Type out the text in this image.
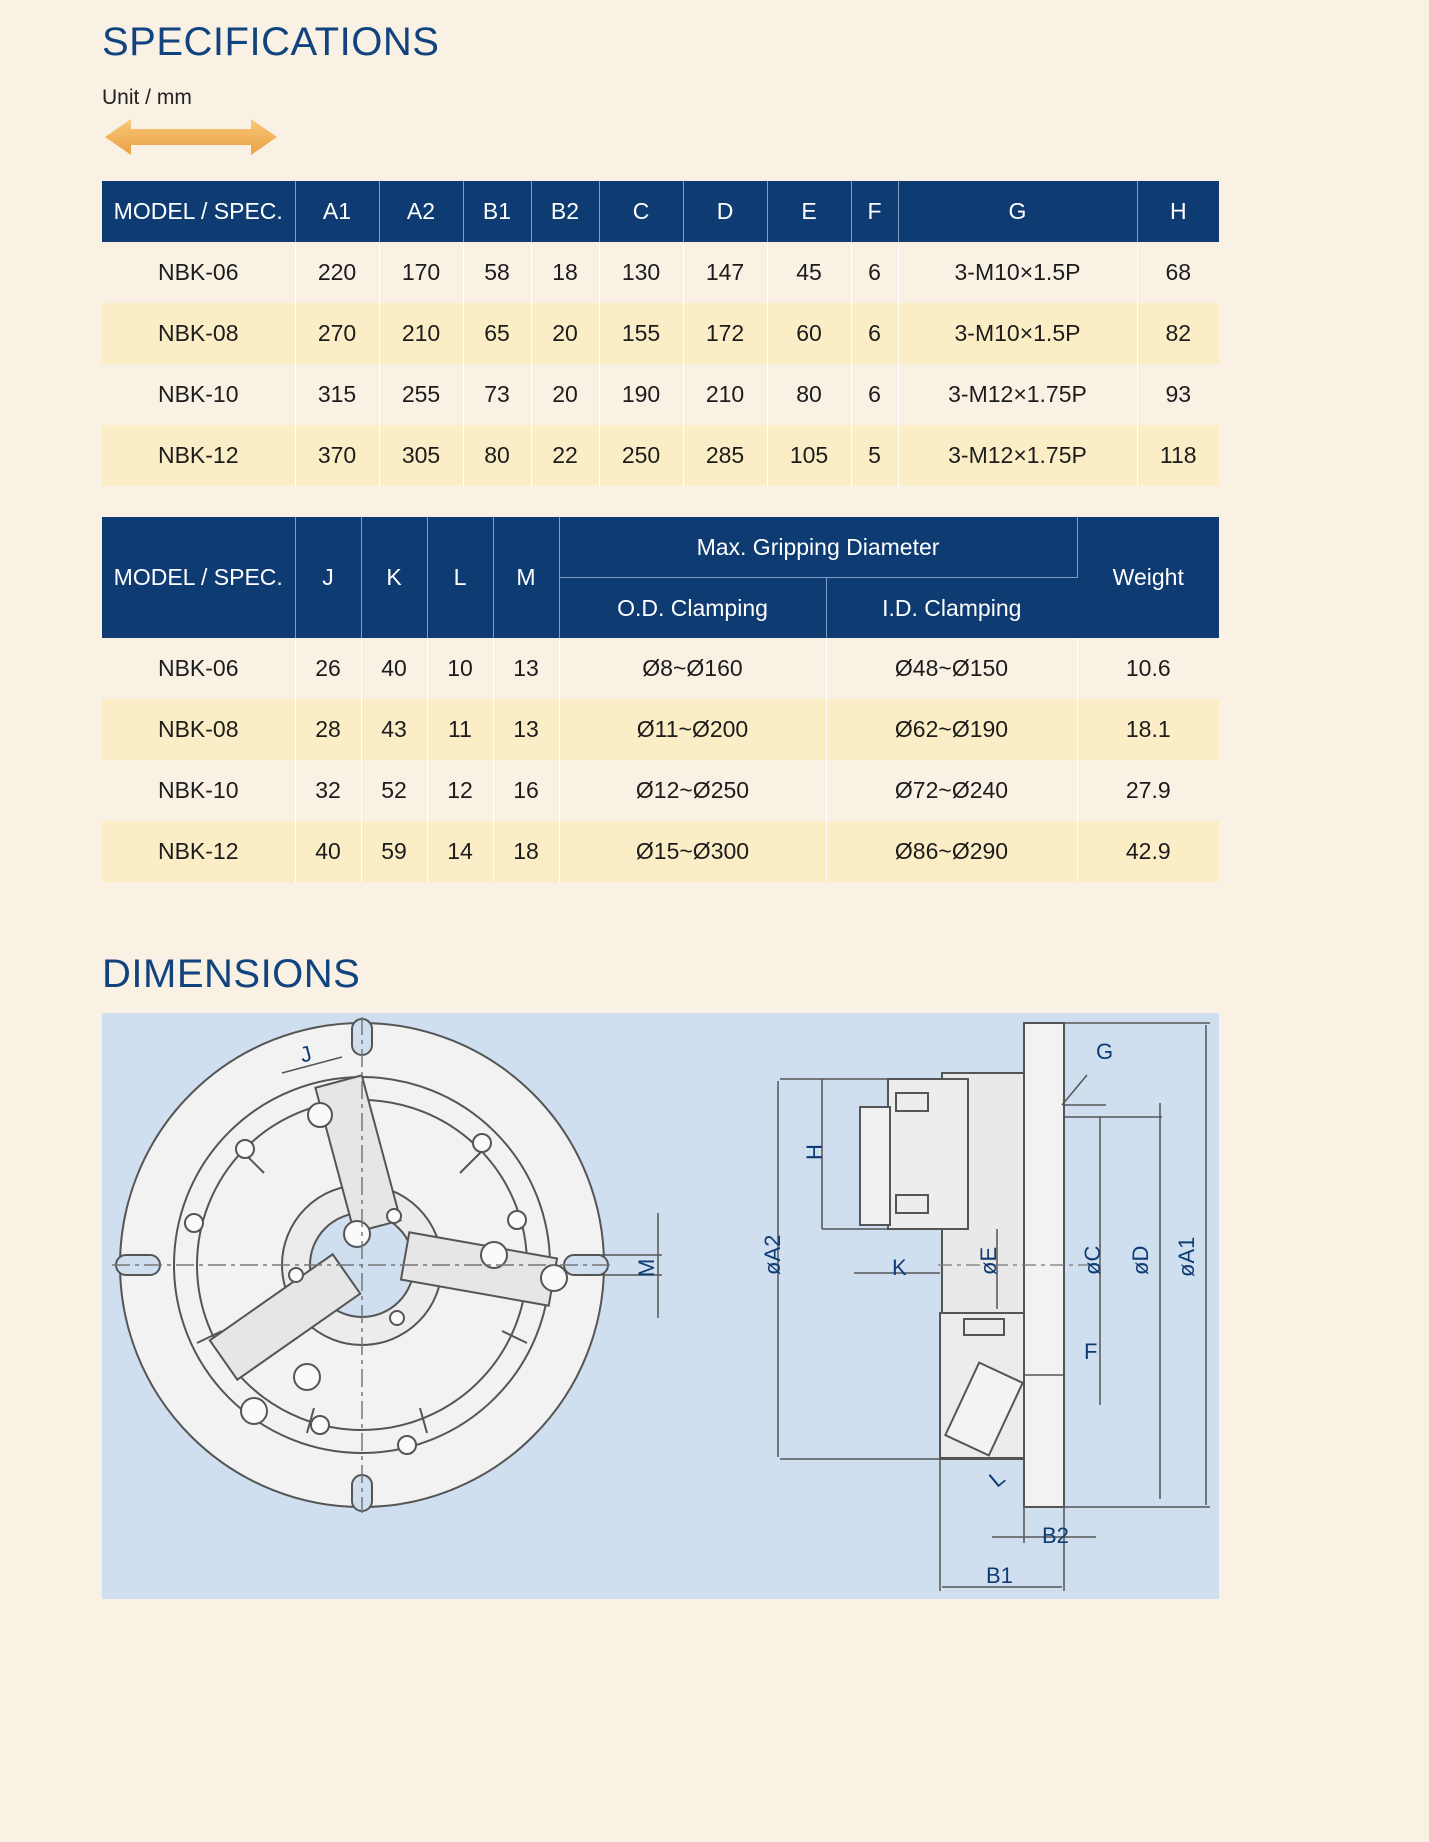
SPECIFICATIONS
Unit / mm
MODEL / SPEC.	A1	A2	B1	B2	C	D	E	F	G	H
NBK-06	220	170	58	18	130	147	45	6	3-M10×1.5P	68
NBK-08	270	210	65	20	155	172	60	6	3-M10×1.5P	82
NBK-10	315	255	73	20	190	210	80	6	3-M12×1.75P	93
NBK-12	370	305	80	22	250	285	105	5	3-M12×1.75P	118
MODEL / SPEC.	J	K	L	M	Max. Gripping Diameter		Weight
					O.D. Clamping	I.D. Clamping	
NBK-06	26	40	10	13	Ø8~Ø160	Ø48~Ø150	10.6
NBK-08	28	43	11	13	Ø11~Ø200	Ø62~Ø190	18.1
NBK-10	32	52	12	16	Ø12~Ø250	Ø72~Ø240	27.9
NBK-12	40	59	14	18	Ø15~Ø300	Ø86~Ø290	42.9
DIMENSIONS
J
M
H
K
G
F
L
B2
B1
øA2	øE	øC øD øA1
